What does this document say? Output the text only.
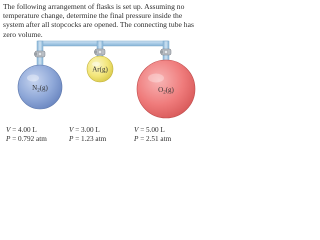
The following arrangement of flasks is set up. Assuming no temperature change, determine the final pressure inside the system after all stopcocks are opened. The connecting tube has zero volume.

$N_2(g)$
Ar(g)
$O_2(g)$
V = 4.00 L
P = 0.792 atm
V = 3.00 L
P = 1.23 atm
V = 5.00 L
P = 2.51 atm
